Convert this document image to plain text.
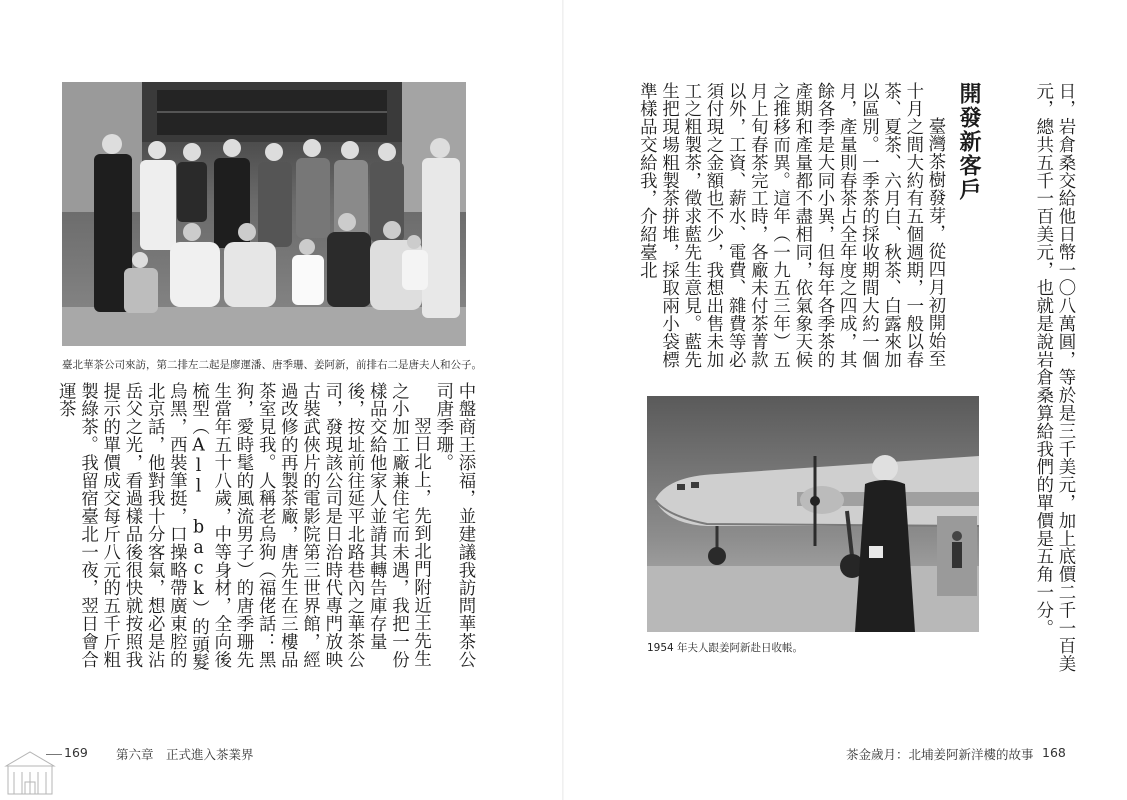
臺北華茶公司來訪，第二排左二起是廖運潘、唐季珊、姜阿新，前排右二是唐夫人和公子。

中盤商王添福，並建議我訪問華茶公司唐季珊。

翌日北上，先到北門附近王先生之小加工廠兼住宅而未遇，我把一份樣品交給他家人並請其轉告庫存量後，按址前往延平北路巷內之華茶公司，發現該公司是日治時代專門放映古裝武俠片的電影院第三世界館，經過改修的再製茶廠，唐先生在三樓品茶室見我。人稱老烏狗（福佬話：黑狗，愛時髦的風流男子）的唐季珊先生當年五十八歲，中等身材，全向後梳型（All back）的頭髮烏黑，西裝筆挺，口操略帶廣東腔的北京話，他對我十分客氣，想必是沾岳父之光，看過樣品後很快就按照我提示的單價成交每斤八元的五千斤粗製綠茶。我留宿臺北一夜，翌日會合運茶

169 第六章　正式進入茶業界
日，岩倉桑交給他日幣一〇八萬圓，等於是三千美元，加上底價二千一百美元，總共五千一百美元，也就是說岩倉桑算給我們的單價是五角一分。
開發新客戶

臺灣茶樹發芽，從四月初開始至十月之間大約有五個週期，一般以春茶、夏茶、六月白、秋茶、白露來加以區別。一季茶的採收期間大約一個月，產量則春茶占全年度之四成，其餘各季是大同小異，但每年各季茶的產期和產量都不盡相同，依氣象天候之推移而異。這年（一九五三年）五月上旬春茶完工時，各廠未付茶菁款以外，工資、薪水、電費、雜費等必須付現之金額也不少，我想出售未加工之粗製茶，徵求藍先生意見。藍先生把現場粗製茶拼堆，採取兩小袋標準樣品交給我，介紹臺北

1954 年夫人跟姜阿新赴日收帳。
茶金歲月：北埔姜阿新洋樓的故事 168
